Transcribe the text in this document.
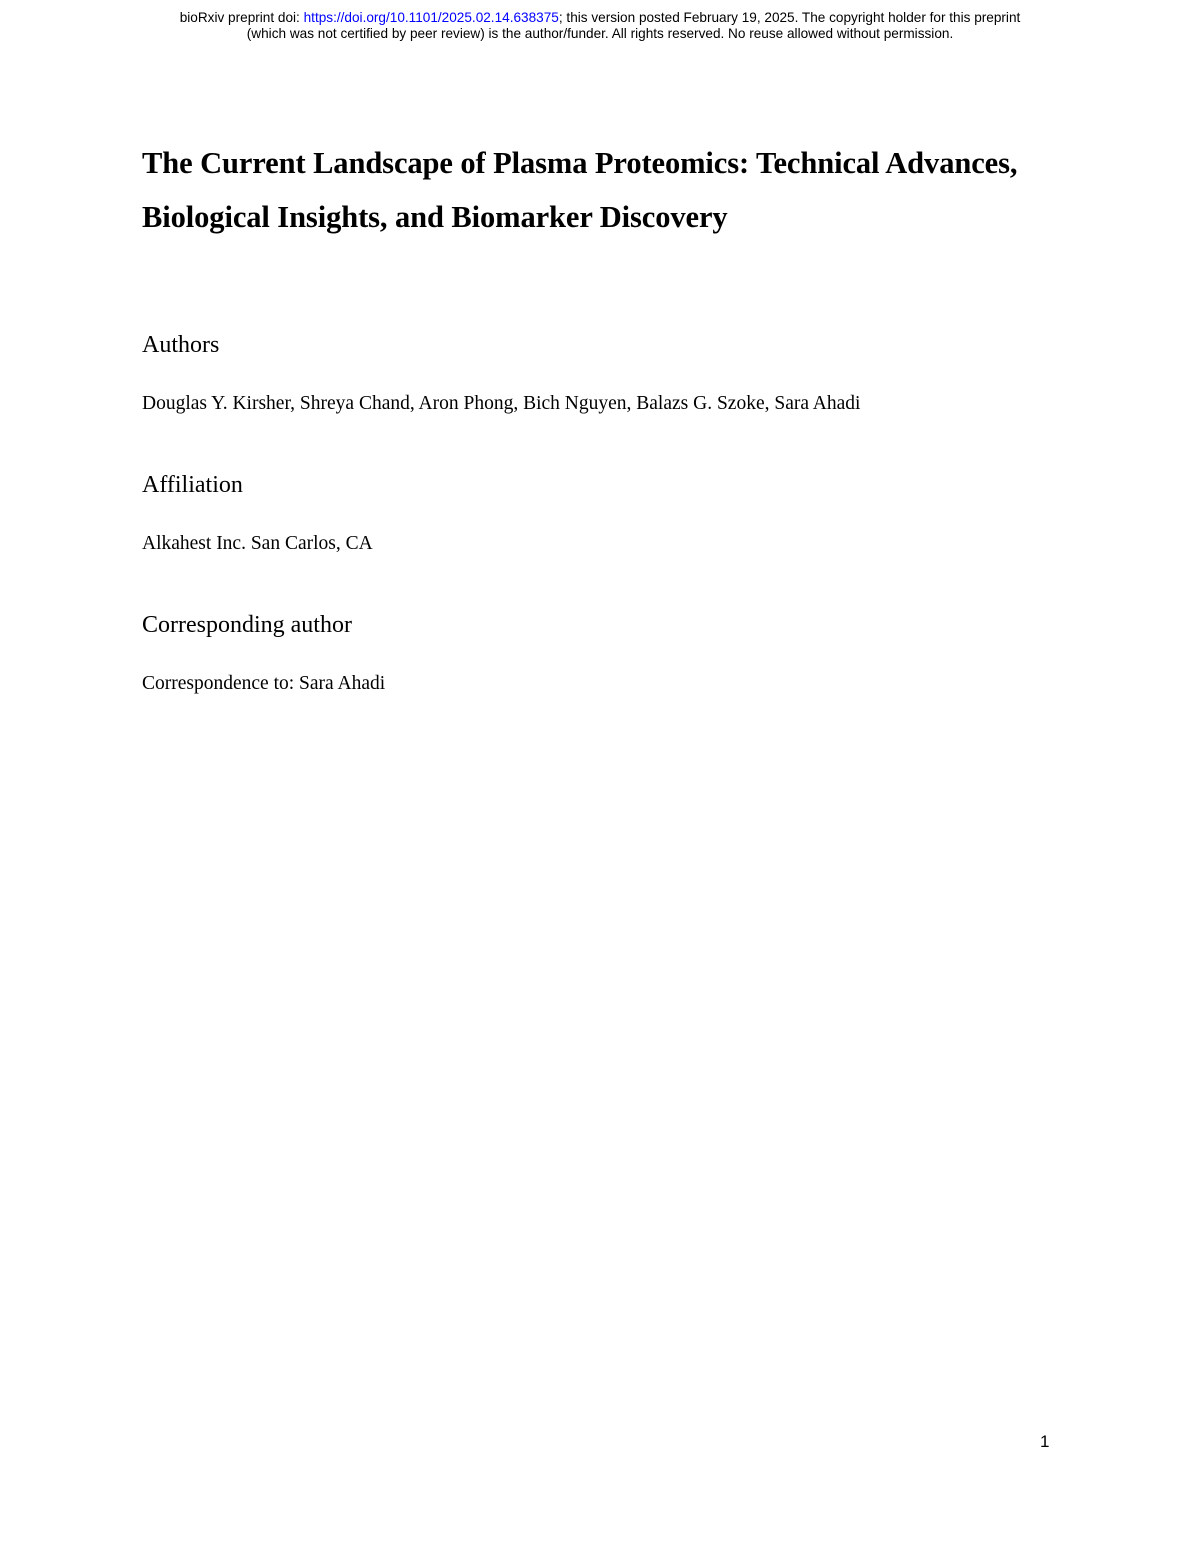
bioRxiv preprint doi: https://doi.org/10.1101/2025.02.14.638375; this version posted February 19, 2025. The copyright holder for this preprint
(which was not certified by peer review) is the author/funder. All rights reserved. No reuse allowed without permission.
The Current Landscape of Plasma Proteomics: Technical Advances,
Biological Insights, and Biomarker Discovery
Authors

Douglas Y. Kirsher, Shreya Chand, Aron Phong, Bich Nguyen, Balazs G. Szoke, Sara Ahadi

Affiliation

Alkahest Inc. San Carlos, CA

Corresponding author

Correspondence to: Sara Ahadi

1
